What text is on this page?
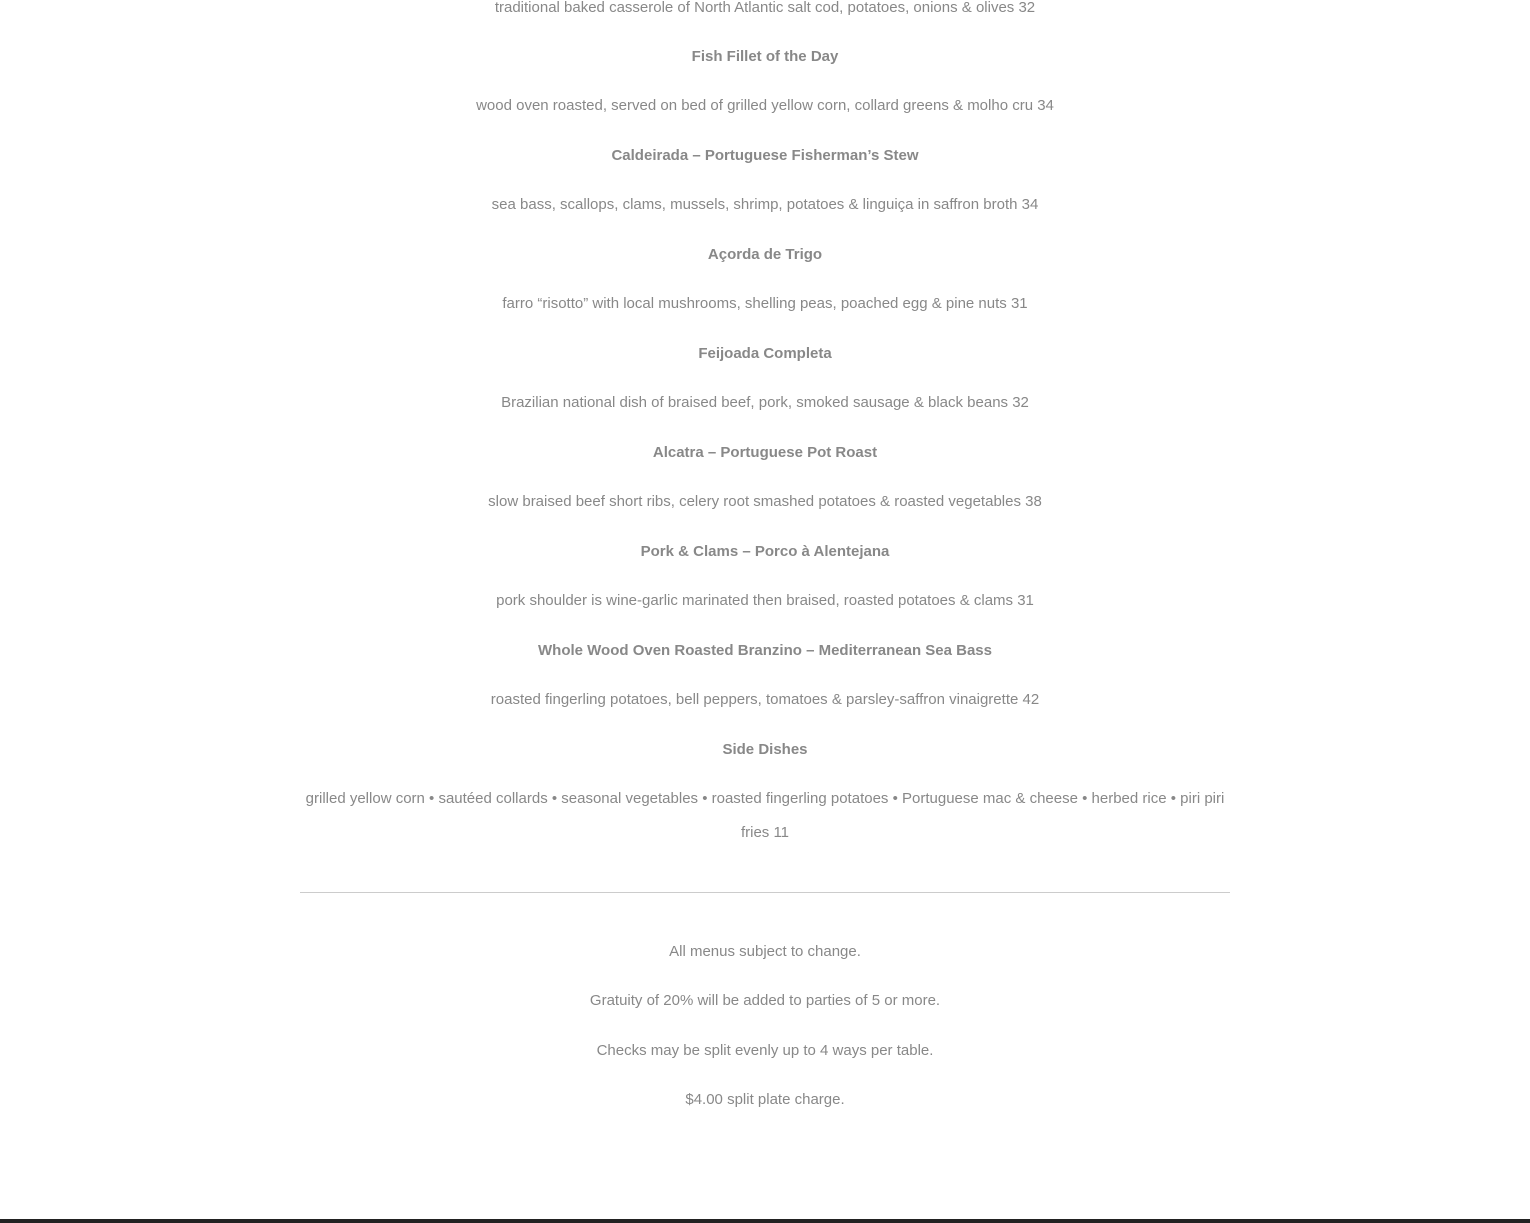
traditional baked casserole of North Atlantic salt cod, potatoes, onions & olives 32
Fish Fillet of the Day
wood oven roasted, served on bed of grilled yellow corn, collard greens & molho cru 34
Caldeirada – Portuguese Fisherman’s Stew
sea bass, scallops, clams, mussels, shrimp, potatoes & linguiça in saffron broth 34
Açorda de Trigo
farro “risotto” with local mushrooms, shelling peas, poached egg & pine nuts 31
Feijoada Completa
Brazilian national dish of braised beef, pork, smoked sausage & black beans 32
Alcatra – Portuguese Pot Roast
slow braised beef short ribs, celery root smashed potatoes & roasted vegetables 38
Pork & Clams – Porco à Alentejana
pork shoulder is wine-garlic marinated then braised, roasted potatoes & clams 31
Whole Wood Oven Roasted Branzino – Mediterranean Sea Bass
roasted fingerling potatoes, bell peppers, tomatoes & parsley-saffron vinaigrette 42
Side Dishes
grilled yellow corn • sautéed collards • seasonal vegetables • roasted fingerling potatoes • Portuguese mac & cheese • herbed rice • piri piri fries 11
All menus subject to change.
Gratuity of 20% will be added to parties of 5 or more.
Checks may be split evenly up to 4 ways per table.
$4.00 split plate charge.
